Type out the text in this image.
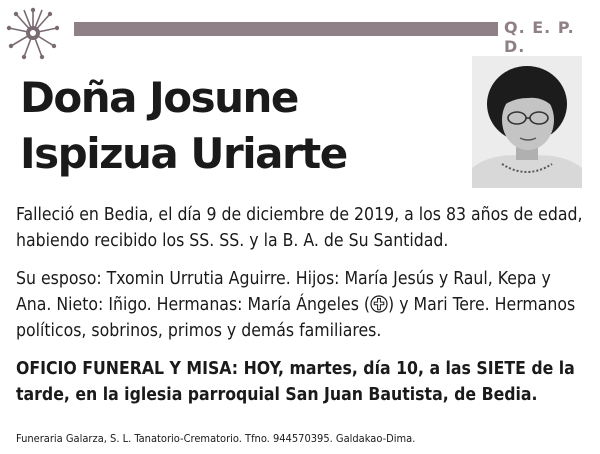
Q. E. P. D.
Doña Josune
Ispizua Uriarte

Falleció en Bedia, el día 9 de diciembre de 2019, a los 83 años de edad, habiendo recibido los SS. SS. y la B. A. de Su Santidad.

Su esposo: Txomin Urrutia Aguirre. Hijos: María Jesús y Raul, Kepa y Ana. Nieto: Iñigo. Hermanas: María Ángeles ( ) y Mari Tere. Hermanos políticos, sobrinos, primos y demás familiares.

OFICIO FUNERAL Y MISA: HOY, martes, día 10, a las SIETE de la tarde, en la iglesia parroquial San Juan Bautista, de Bedia.

Funeraria Galarza, S. L. Tanatorio-Crematorio. Tfno. 944570395. Galdakao-Dima.
